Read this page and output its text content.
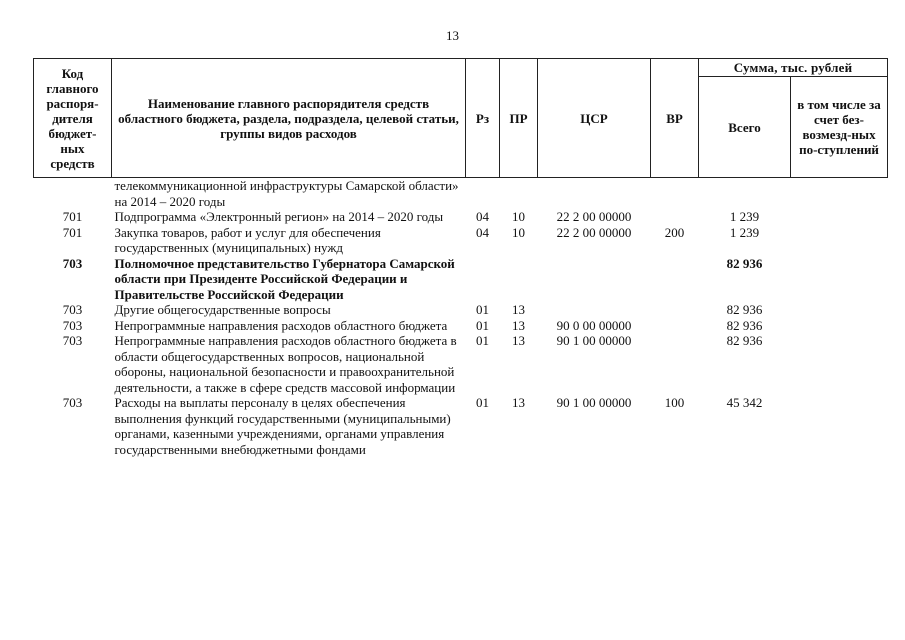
13
Код главного распоря-дителя бюджет-ных средств	Наименование главного распорядителя средств областного бюджета, раздела, подраздела, целевой статьи, группы видов расходов	Рз	ПР	ЦСР	ВР	Сумма, тыс. рублей	
						Всего	в том числе за счет без-возмезд-ных по-ступлений
	телекоммуникационной инфраструктуры Самарской области» на 2014 – 2020 годы						
701	Подпрограмма «Электронный регион» на 2014 – 2020 годы	04	10	22 2 00 00000		1 239	
701	Закупка товаров, работ и услуг для обеспечения государственных (муниципальных) нужд	04	10	22 2 00 00000	200	1 239	
703	Полномочное представительство Губернатора Самарской области при Президенте Российской Федерации и Правительстве Российской Федерации					82 936	
703	Другие общегосударственные вопросы	01	13			82 936	
703	Непрограммные направления расходов областного бюджета	01	13	90 0 00 00000		82 936	
703	Непрограммные направления расходов областного бюджета в области общегосударственных вопросов, национальной обороны, национальной безопасности и правоохранительной деятельности, а также в сфере средств массовой информации	01	13	90 1 00 00000		82 936	
703	Расходы на выплаты персоналу в целях обеспечения выполнения функций государственными (муниципальными) органами, казенными учреждениями, органами управления государственными внебюджетными фондами	01	13	90 1 00 00000	100	45 342	
